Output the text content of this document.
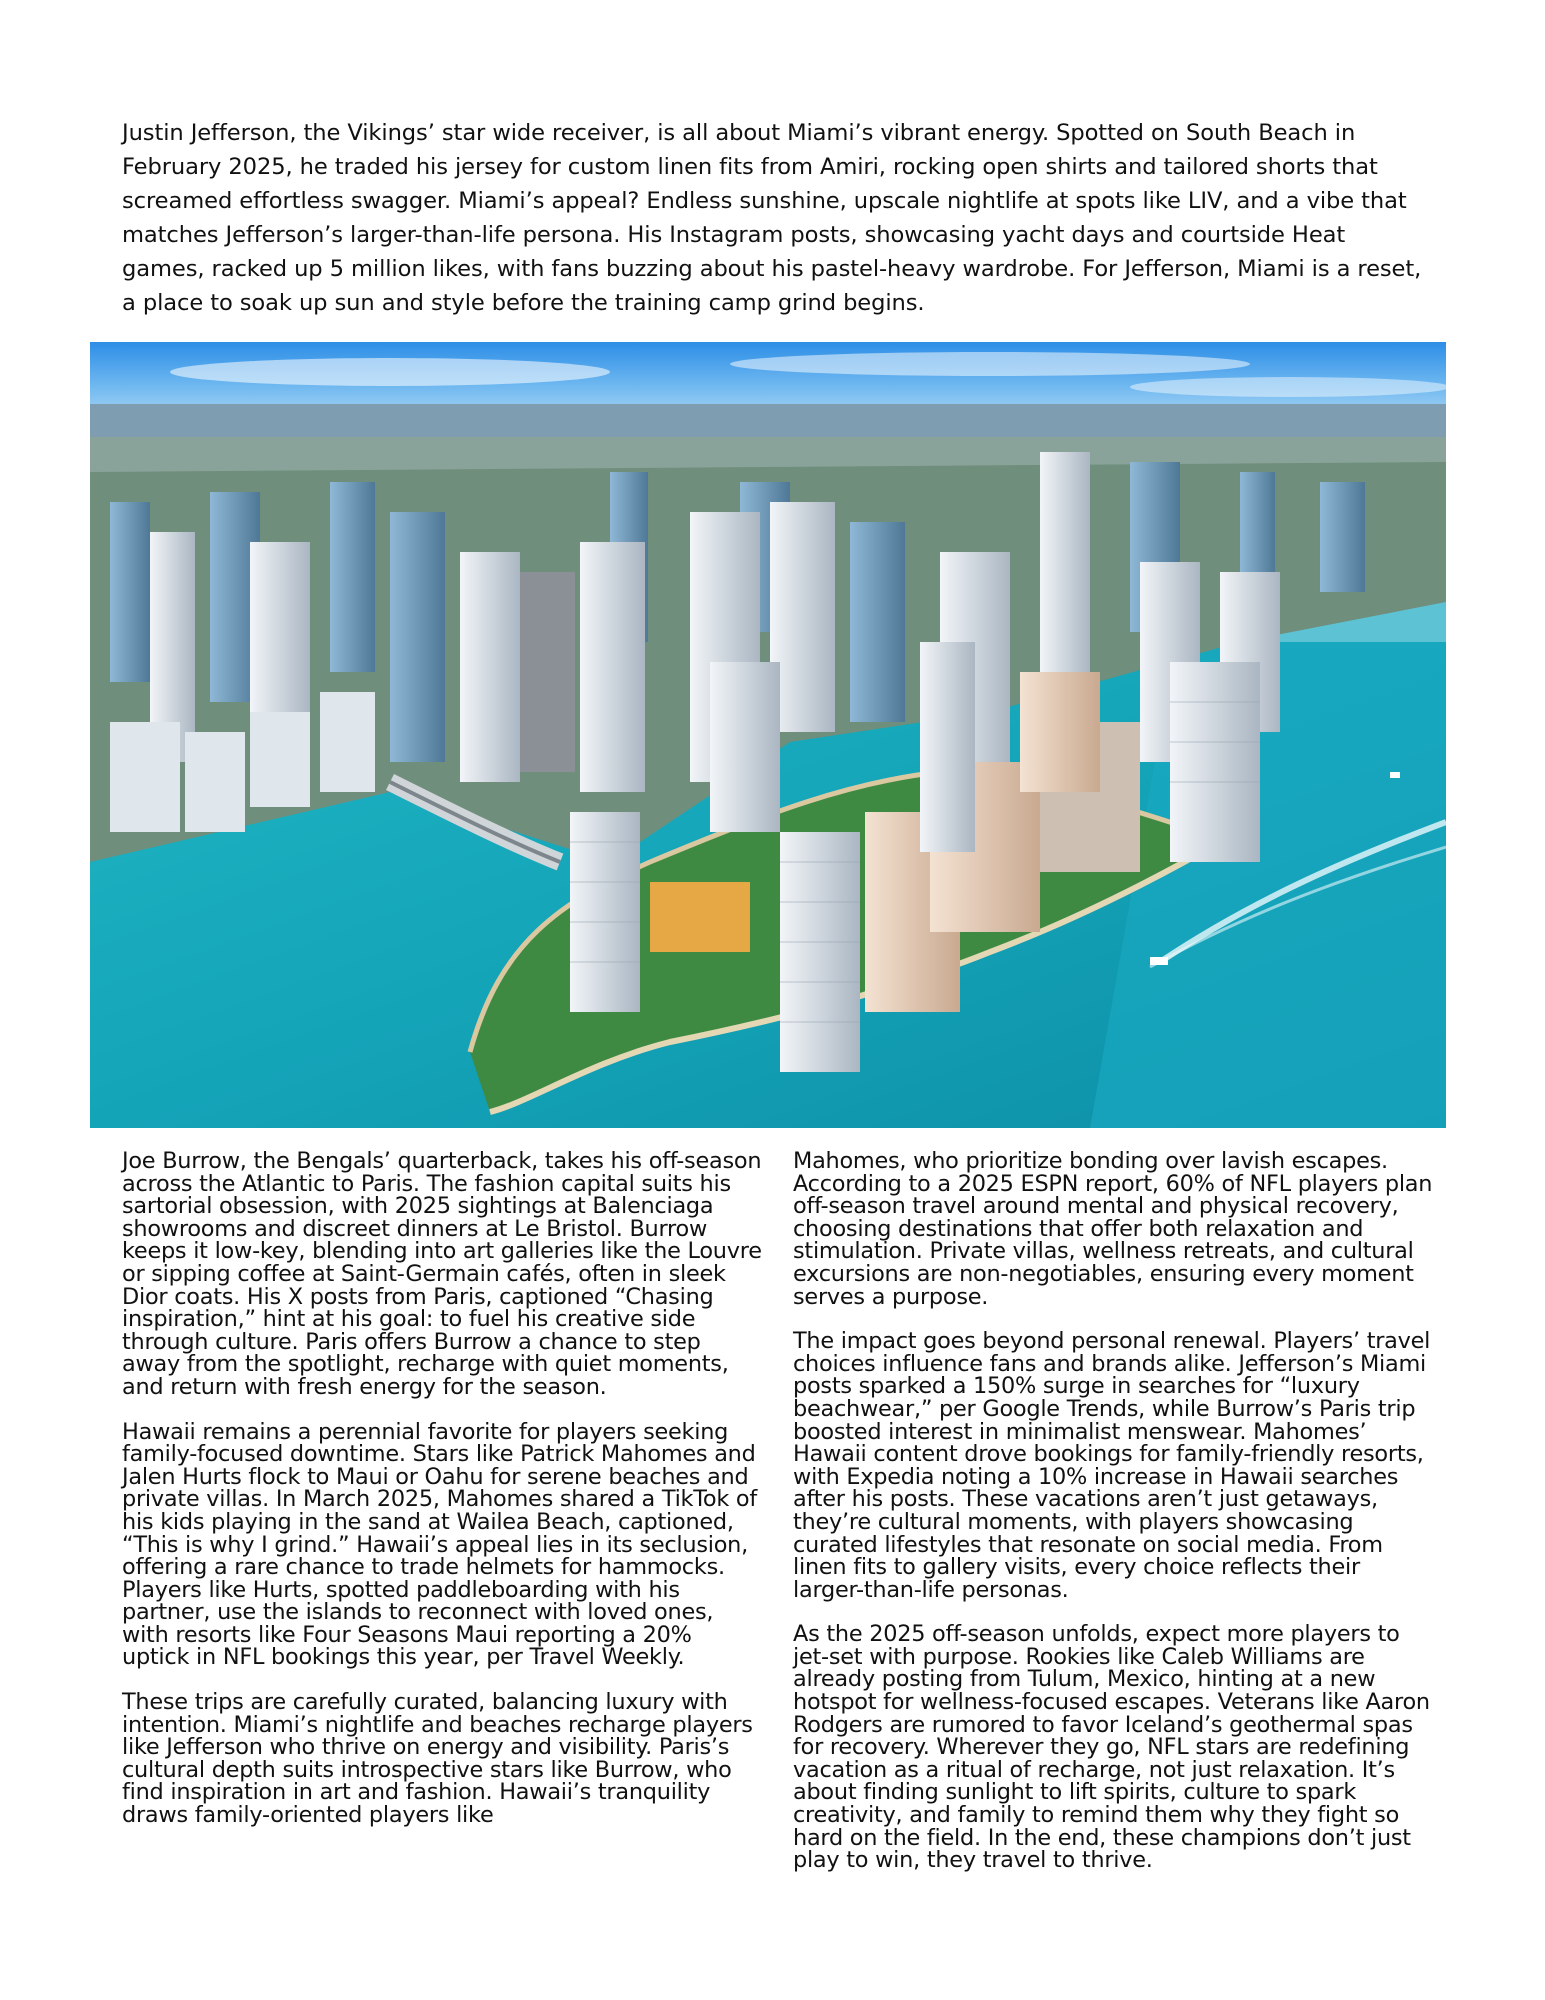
Justin Jefferson, the Vikings’ star wide receiver, is all about Miami’s vibrant energy. Spotted on South Beach in February 2025, he traded his jersey for custom linen fits from Amiri, rocking open shirts and tailored shorts that screamed effortless swagger. Miami’s appeal? Endless sunshine, upscale nightlife at spots like LIV, and a vibe that matches Jefferson’s larger-than-life persona. His Instagram posts, showcasing yacht days and courtside Heat games, racked up 5 million likes, with fans buzzing about his pastel-heavy wardrobe. For Jefferson, Miami is a reset, a place to soak up sun and style before the training camp grind begins.

Joe Burrow, the Bengals’ quarterback, takes his off-season across the Atlantic to Paris. The fashion capital suits his sartorial obsession, with 2025 sightings at Balenciaga showrooms and discreet dinners at Le Bristol. Burrow keeps it low-key, blending into art galleries like the Louvre or sipping coffee at Saint-Germain cafés, often in sleek Dior coats. His X posts from Paris, captioned “Chasing inspiration,” hint at his goal: to fuel his creative side through culture. Paris offers Burrow a chance to step away from the spotlight, recharge with quiet moments, and return with fresh energy for the season.

Hawaii remains a perennial favorite for players seeking family-focused downtime. Stars like Patrick Mahomes and Jalen Hurts flock to Maui or Oahu for serene beaches and private villas. In March 2025, Mahomes shared a TikTok of his kids playing in the sand at Wailea Beach, captioned, “This is why I grind.” Hawaii’s appeal lies in its seclusion, offering a rare chance to trade helmets for hammocks. Players like Hurts, spotted paddleboarding with his partner, use the islands to reconnect with loved ones, with resorts like Four Seasons Maui reporting a 20% uptick in NFL bookings this year, per Travel Weekly.

These trips are carefully curated, balancing luxury with intention. Miami’s nightlife and beaches recharge players like Jefferson who thrive on energy and visibility. Paris’s cultural depth suits introspective stars like Burrow, who find inspiration in art and fashion. Hawaii’s tranquility draws family-oriented players like

Mahomes, who prioritize bonding over lavish escapes. According to a 2025 ESPN report, 60% of NFL players plan off-season travel around mental and physical recovery, choosing destinations that offer both relaxation and stimulation. Private villas, wellness retreats, and cultural excursions are non-negotiables, ensuring every moment serves a purpose.

The impact goes beyond personal renewal. Players’ travel choices influence fans and brands alike. Jefferson’s Miami posts sparked a 150% surge in searches for “luxury beachwear,” per Google Trends, while Burrow’s Paris trip boosted interest in minimalist menswear. Mahomes’ Hawaii content drove bookings for family-friendly resorts, with Expedia noting a 10% increase in Hawaii searches after his posts. These vacations aren’t just getaways, they’re cultural moments, with players showcasing curated lifestyles that resonate on social media. From linen fits to gallery visits, every choice reflects their larger-than-life personas.

As the 2025 off-season unfolds, expect more players to jet-set with purpose. Rookies like Caleb Williams are already posting from Tulum, Mexico, hinting at a new hotspot for wellness-focused escapes. Veterans like Aaron Rodgers are rumored to favor Iceland’s geothermal spas for recovery. Wherever they go, NFL stars are redefining vacation as a ritual of recharge, not just relaxation. It’s about finding sunlight to lift spirits, culture to spark creativity, and family to remind them why they fight so hard on the field. In the end, these champions don’t just play to win, they travel to thrive.
